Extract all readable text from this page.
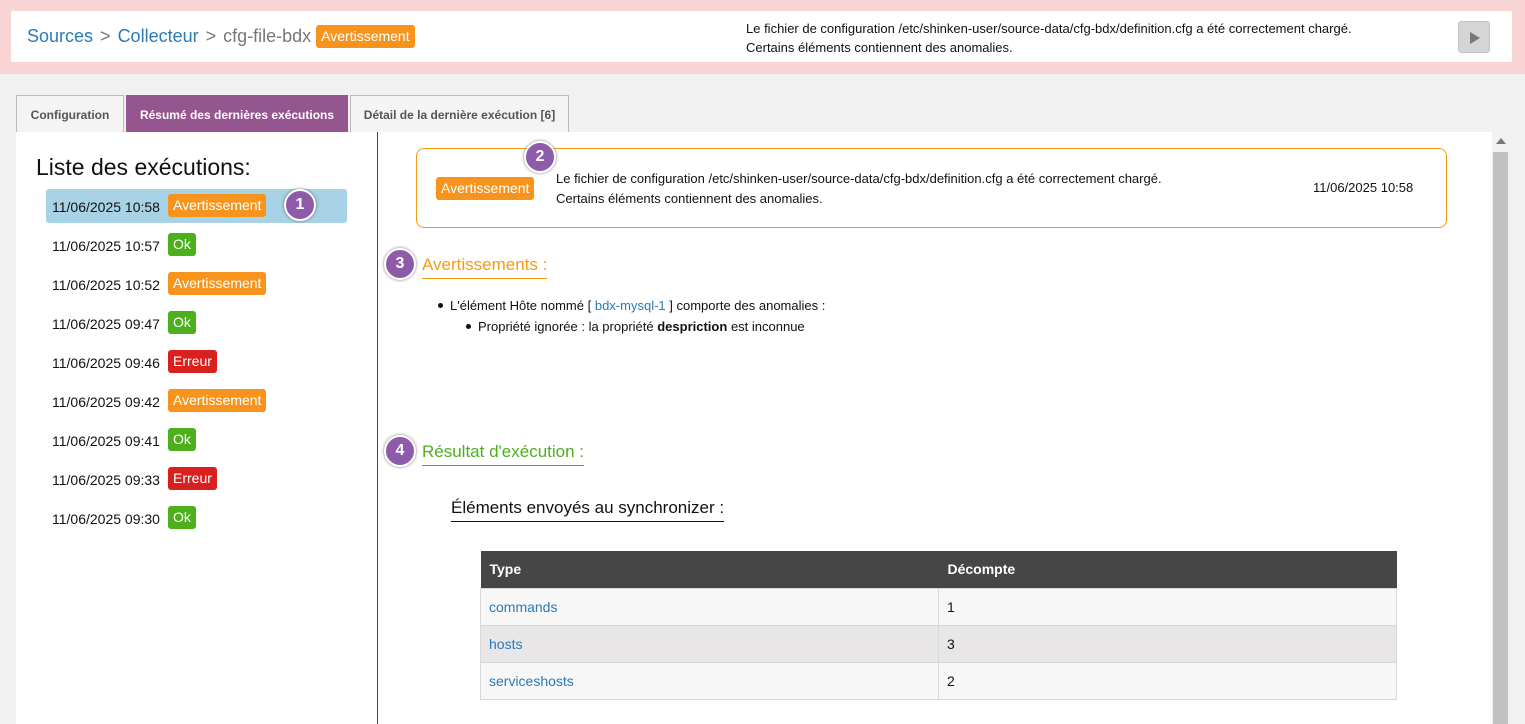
Sources > Collecteur > cfg-file-bdx Avertissement	Le fichier de configuration /etc/shinken-user/source-data/cfg-bdx/definition.cfg a été correctement chargé.
Certains éléments contiennent des anomalies.
Configuration	Résumé des dernières exécutions	Détail de la dernière exécution [6]
Liste des exécutions:
11/06/2025 10:58 Avertissement
11/06/2025 10:57 Ok
11/06/2025 10:52 Avertissement
11/06/2025 09:47 Ok
11/06/2025 09:46 Erreur
11/06/2025 09:42 Avertissement
11/06/2025 09:41 Ok
11/06/2025 09:33 Erreur
11/06/2025 09:30 Ok
1
Avertissement
Le fichier de configuration /etc/shinken-user/source-data/cfg-bdx/definition.cfg a été correctement chargé.
Certains éléments contiennent des anomalies.
11/06/2025 10:58
2
3	Avertissements :
L'élément Hôte nommé [ bdx-mysql-1 ] comporte des anomalies :
Propriété ignorée : la propriété despriction est inconnue
4	Résultat d'exécution :
Éléments envoyés au synchronizer :
Type	Décompte
commands	1
hosts	3
serviceshosts	2
